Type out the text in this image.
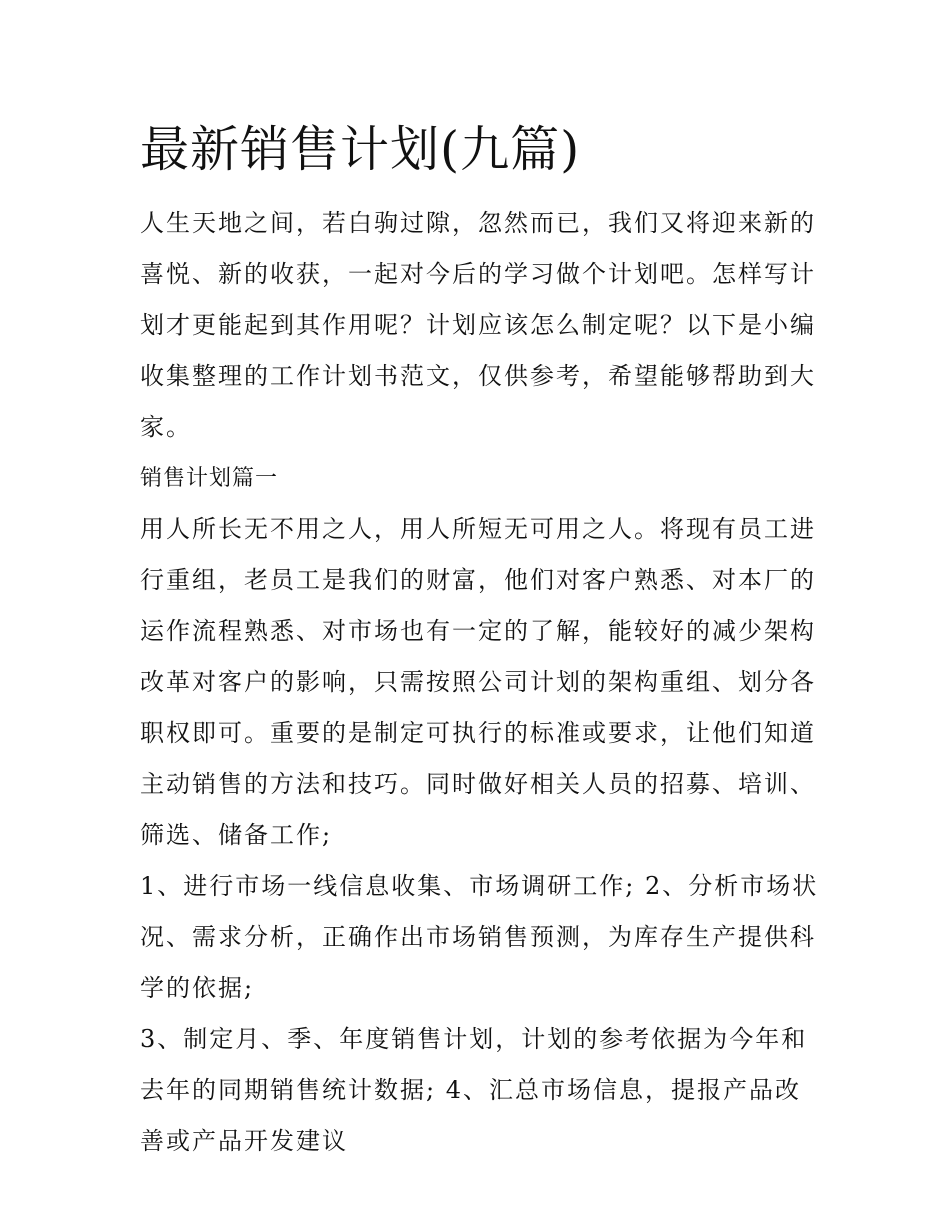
最新销售计划(九篇)

人生天地之间，若白驹过隙，忽然而已，我们又将迎来新的喜悦、新的收获，一起对今后的学习做个计划吧。怎样写计划才更能起到其作用呢？计划应该怎么制定呢？以下是小编收集整理的工作计划书范文，仅供参考，希望能够帮助到大家。

销售计划篇一

用人所长无不用之人，用人所短无可用之人。将现有员工进行重组，老员工是我们的财富，他们对客户熟悉、对本厂的运作流程熟悉、对市场也有一定的了解，能较好的减少架构改革对客户的影响，只需按照公司计划的架构重组、划分各职权即可。重要的是制定可执行的标准或要求，让他们知道主动销售的方法和技巧。同时做好相关人员的招募、培训、筛选、储备工作;

1、进行市场一线信息收集、市场调研工作; 2、分析市场状况、需求分析，正确作出市场销售预测，为库存生产提供科学的依据;

3、制定月、季、年度销售计划，计划的参考依据为今年和去年的同期销售统计数据; 4、汇总市场信息，提报产品改善或产品开发建议
